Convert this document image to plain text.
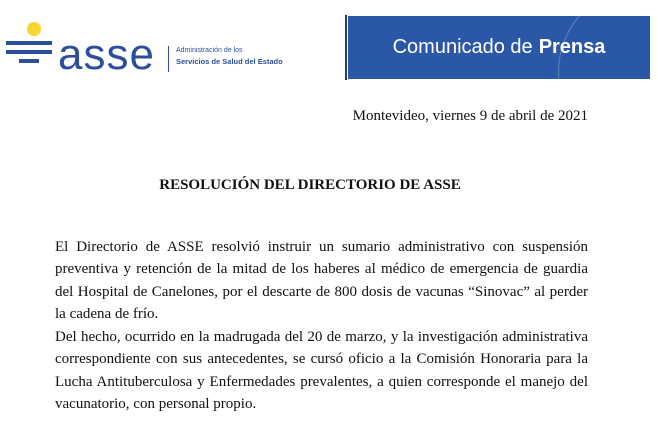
asse	Administración de los
Servicios de Salud del Estado
Comunicado de Prensa
Montevideo, viernes 9 de abril de 2021
RESOLUCIÓN DEL DIRECTORIO DE ASSE

El Directorio de ASSE resolvió instruir un sumario administrativo con suspensión preventiva y retención de la mitad de los haberes al médico de emergencia de guardia del Hospital de Canelones, por el descarte de 800 dosis de vacunas “Sinovac” al perder la cadena de frío.

Del hecho, ocurrido en la madrugada del 20 de marzo, y la investigación administrativa correspondiente con sus antecedentes, se cursó oficio a la Comisión Honoraria para la Lucha Antituberculosa y Enfermedades prevalentes, a quien corresponde el manejo del vacunatorio, con personal propio.
